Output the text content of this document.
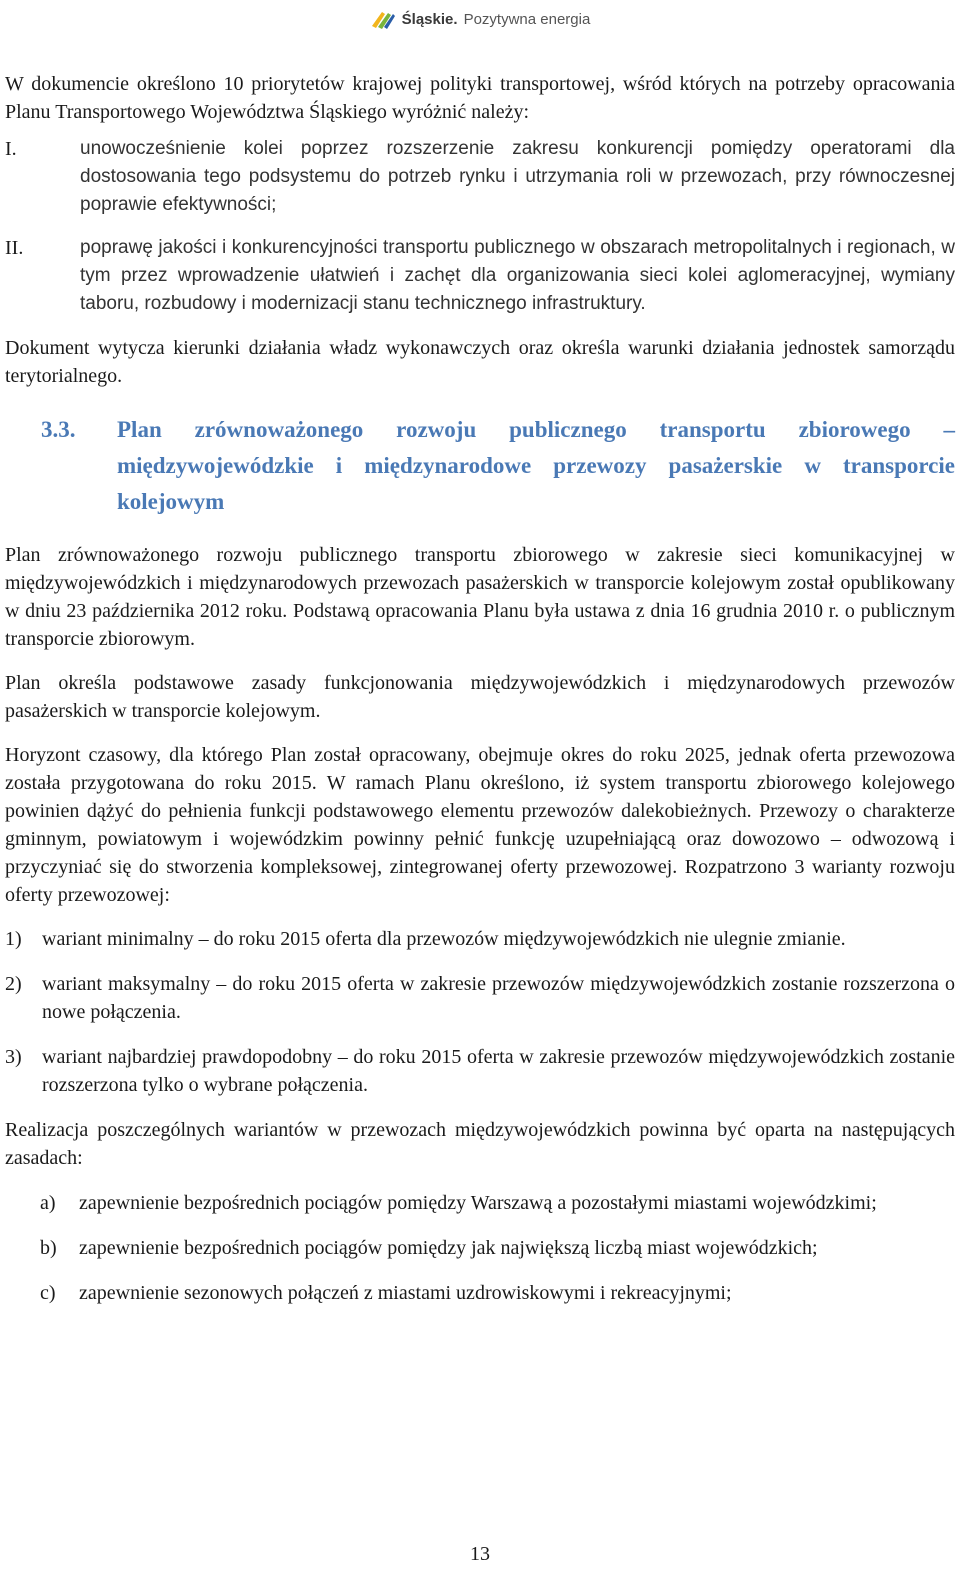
Śląskie. Pozytywna energia

W dokumencie określono 10 priorytetów krajowej polityki transportowej, wśród których na potrzeby opracowania Planu Transportowego Województwa Śląskiego wyróżnić należy:

I.	unowocześnienie kolei poprzez rozszerzenie zakresu konkurencji pomiędzy operatorami dla dostosowania tego podsystemu do potrzeb rynku i utrzymania roli w przewozach, przy równoczesnej poprawie efektywności;
II.	poprawę jakości i konkurencyjności transportu publicznego w obszarach metropolitalnych i regionach, w tym przez wprowadzenie ułatwień i zachęt dla organizowania sieci kolei aglomeracyjnej, wymiany taboru, rozbudowy i modernizacji stanu technicznego infrastruktury.

Dokument wytycza kierunki działania władz wykonawczych oraz określa warunki działania jednostek samorządu terytorialnego.

3.3. Plan zrównoważonego rozwoju publicznego transportu zbiorowego – międzywojewódzkie i międzynarodowe przewozy pasażerskie w transporcie kolejowym

Plan zrównoważonego rozwoju publicznego transportu zbiorowego w zakresie sieci komunikacyjnej w międzywojewódzkich i międzynarodowych przewozach pasażerskich w transporcie kolejowym został opublikowany w dniu 23 października 2012 roku. Podstawą opracowania Planu była ustawa z dnia 16 grudnia 2010 r. o publicznym transporcie zbiorowym.

Plan określa podstawowe zasady funkcjonowania międzywojewódzkich i międzynarodowych przewozów pasażerskich w transporcie kolejowym.

Horyzont czasowy, dla którego Plan został opracowany, obejmuje okres do roku 2025, jednak oferta przewozowa została przygotowana do roku 2015. W ramach Planu określono, iż system transportu zbiorowego kolejowego powinien dążyć do pełnienia funkcji podstawowego elementu przewozów dalekobieżnych. Przewozy o charakterze gminnym, powiatowym i wojewódzkim powinny pełnić funkcję uzupełniającą oraz dowozowo – odwozową i przyczyniać się do stworzenia kompleksowej, zintegrowanej oferty przewozowej. Rozpatrzono 3 warianty rozwoju oferty przewozowej:

1) wariant minimalny – do roku 2015 oferta dla przewozów międzywojewódzkich nie ulegnie zmianie.
2) wariant maksymalny – do roku 2015 oferta w zakresie przewozów międzywojewódzkich zostanie rozszerzona o nowe połączenia.
3) wariant najbardziej prawdopodobny – do roku 2015 oferta w zakresie przewozów międzywojewódzkich zostanie rozszerzona tylko o wybrane połączenia.

Realizacja poszczególnych wariantów w przewozach międzywojewódzkich powinna być oparta na następujących zasadach:

a) zapewnienie bezpośrednich pociągów pomiędzy Warszawą a pozostałymi miastami wojewódzkimi;
b) zapewnienie bezpośrednich pociągów pomiędzy jak największą liczbą miast wojewódzkich;
c) zapewnienie sezonowych połączeń z miastami uzdrowiskowymi i rekreacyjnymi;
13
